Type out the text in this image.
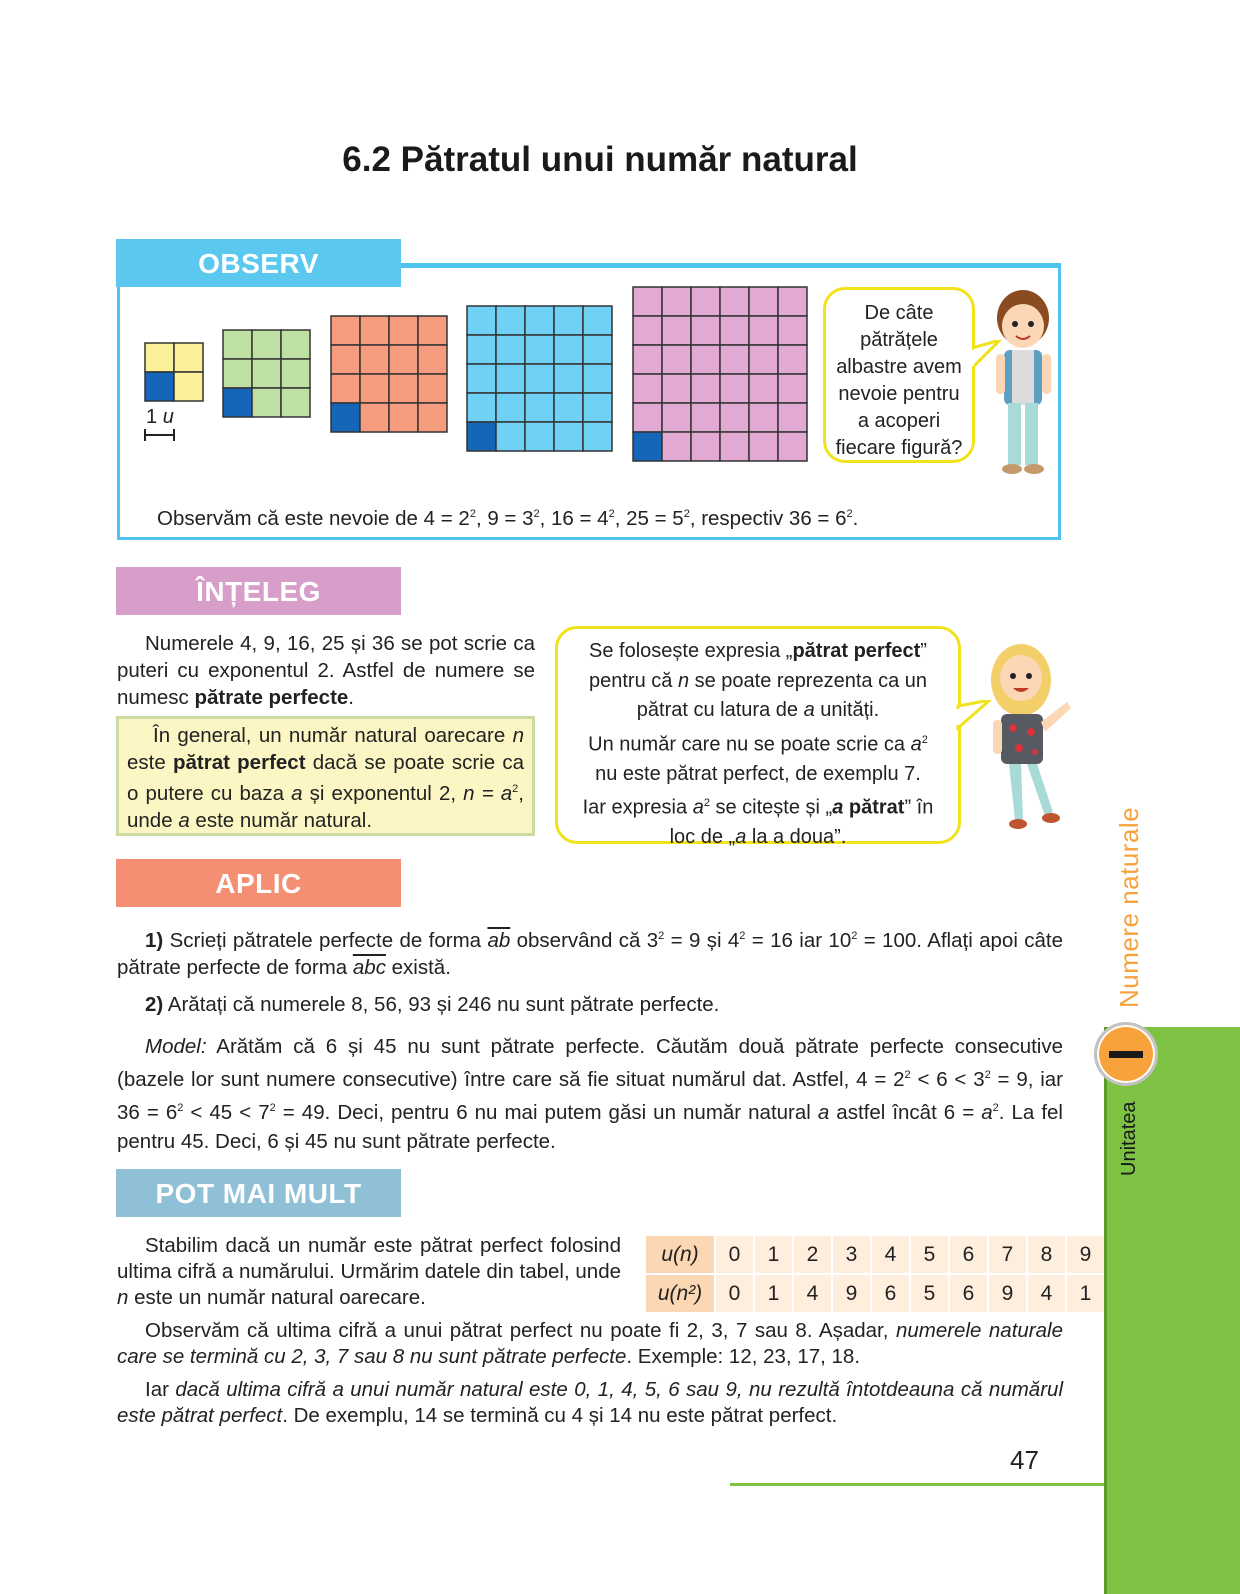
6.2 Pătratul unui număr natural
OBSERV
1 u
De câte pătrățele albastre avem nevoie pentru a acoperi fiecare figură?
Observăm că este nevoie de $4 = 2^2$, $9 = 3^2$, $16 = 4^2$, $25 = 5^2$, respectiv $36 = 6^2$.
ÎNȚELEG
Numerele 4, 9, 16, 25 și 36 se pot scrie ca puteri cu exponentul 2. Astfel de numere se numesc pătrate perfecte.
În general, un număr natural oarecare n este pătrat perfect dacă se poate scrie ca o putere cu baza a și exponentul 2, $n = a^2$, unde a este număr natural.
Se folosește expresia „pătrat perfect”
pentru că n se poate reprezenta ca un
pătrat cu latura de a unități.
Un număr care nu se poate scrie ca $a^2$
nu este pătrat perfect, de exemplu 7.
Iar expresia $a^2$ se citește și „a pătrat” în
loc de „a la a doua”.
APLIC
1) Scrieți pătratele perfecte de forma $\overline{ab}$ observând că $3^2 = 9$ și $4^2 = 16$ iar $10^2 = 100$. Aflați apoi câte pătrate perfecte de forma $\overline{abc}$ există.
2) Arătați că numerele 8, 56, 93 și 246 nu sunt pătrate perfecte.
Model: Arătăm că 6 și 45 nu sunt pătrate perfecte. Căutăm două pătrate perfecte consecutive (bazele lor sunt numere consecutive) între care să fie situat numărul dat. Astfel, $4 = 2^2 < 6 < 3^2 = 9$, iar $36 = 6^2 < 45 < 7^2 = 49$. Deci, pentru 6 nu mai putem găsi un număr natural a astfel încât $6 = a^2$. La fel pentru 45. Deci, 6 și 45 nu sunt pătrate perfecte.
POT MAI MULT
Stabilim dacă un număr este pătrat perfect folosind ultima cifră a numărului. Urmărim datele din tabel, unde n este un număr natural oarecare.
u(n)	0	1	2	3	4	5	6	7	8	9
u(n²)	0	1	4	9	6	5	6	9	4	1
Observăm că ultima cifră a unui pătrat perfect nu poate fi 2, 3, 7 sau 8. Așadar, numerele naturale care se termină cu 2, 3, 7 sau 8 nu sunt pătrate perfecte. Exemple: 12, 23, 17, 18.
Iar dacă ultima cifră a unui număr natural este 0, 1, 4, 5, 6 sau 9, nu rezultă întotdeauna că numărul este pătrat perfect. De exemplu, 14 se termină cu 4 și 14 nu este pătrat perfect.
Numere naturale
Unitatea
47
